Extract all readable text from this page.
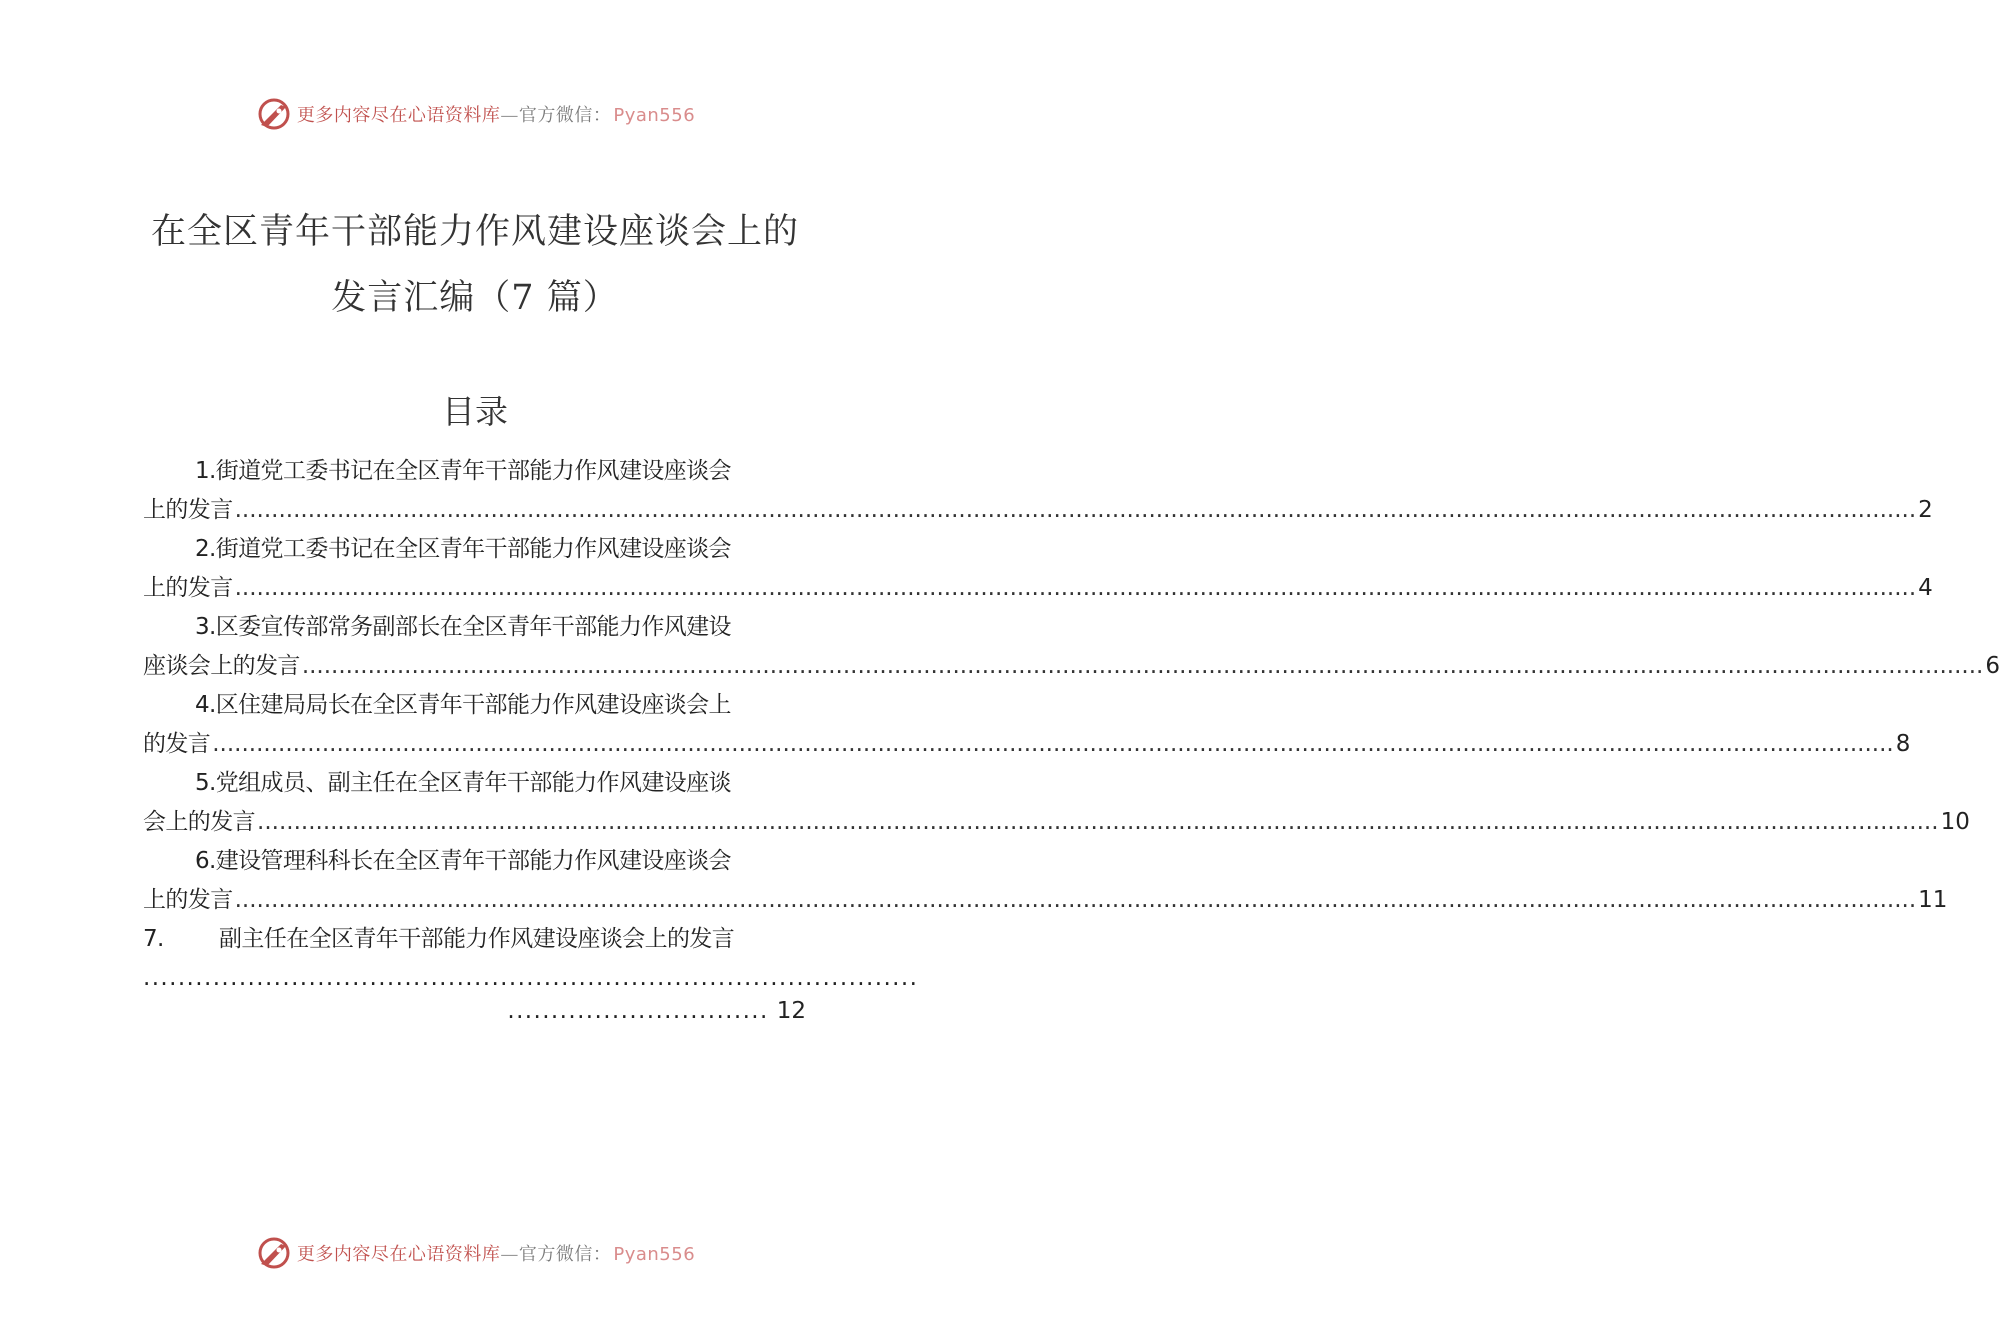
更多内容尽在心语资料库—官方微信： Pyan556
在全区青年干部能力作风建设座谈会上的
发言汇编（7 篇）
目录
1.街道党工委书记在全区青年干部能力作风建设座谈会
上的发言 .....	2
2.街道党工委书记在全区青年干部能力作风建设座谈会
上的发言 .....	4
3.区委宣传部常务副部长在全区青年干部能力作风建设
座谈会上的发言 .....	6
4.区住建局局长在全区青年干部能力作风建设座谈会上
的发言 .....	8
5.党组成员、副主任在全区青年干部能力作风建设座谈
会上的发言 .....	10
6.建设管理科科长在全区青年干部能力作风建设座谈会
上的发言 .....	11
7.	副主任在全区青年干部能力作风建设座谈会上的发言
.........................................................................................
.............................. 12
更多内容尽在心语资料库—官方微信： Pyan556
